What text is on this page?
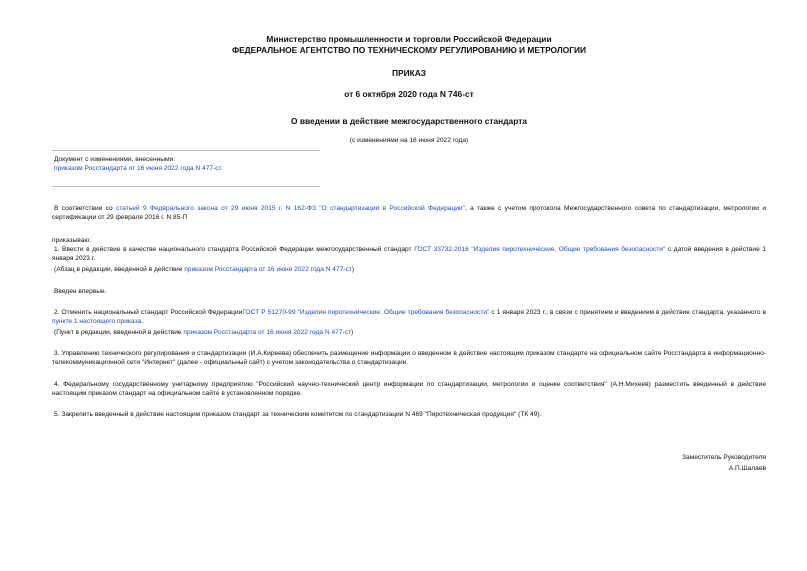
Министерство промышленности и торговли Российской Федерации
ФЕДЕРАЛЬНОЕ АГЕНТСТВО ПО ТЕХНИЧЕСКОМУ РЕГУЛИРОВАНИЮ И МЕТРОЛОГИИ
ПРИКАЗ
от 6 октября 2020 года N 746-ст
О введении в действие межгосударственного стандарта
(с изменениями на 16 июня 2022 года)
Документ с изменениями, внесенными:
приказом Росстандарта от 16 июня 2022 года N 477-ст.
В соответствии со статьей 9 Федерального закона от 29 июня 2015 г. N 162-ФЗ "О стандартизации в Российской Федерации", а также с учетом протокола Межгосударственного совета по стандартизации, метрологии и сертификации от 29 февраля 2016 г. N 85-П
приказываю:
1. Ввести в действие в качестве национального стандарта Российской Федерации межгосударственный стандарт ГОСТ 33732-2016 "Изделия пиротехнические. Общие требования безопасности" с датой введения в действие 1 января 2023 г.
(Абзац в редакции, введенной в действие приказом Росстандарта от 16 июня 2022 года N 477-ст)
Введен впервые.
2. Отменить национальный стандарт Российской ФедерацииГОСТ Р 51270-99 "Изделия пиротехнические. Общие требования безопасности" с 1 января 2023 г., в связи с принятием и введением в действие стандарта, указанного в пункте 1 настоящего приказа.
(Пункт в редакции, введенной в действие приказом Росстандарта от 16 июня 2022 года N 477-ст)
3. Управлению технического регулирования и стандартизации (И.А.Киреева) обеспечить размещение информации о введенном в действие настоящим приказом стандарте на официальном сайте Росстандарта в информационно-телекоммуникационной сети "Интернет" (далее - официальный сайт) с учетом законодательства о стандартизации.
4. Федеральному государственному унитарному предприятию "Российский научно-технический центр информации по стандартизации, метрологии и оценке соответствия" (А.Н.Михеев) разместить введенный в действие настоящим приказом стандарт на официальном сайте в установленном порядке.
5. Закрепить введенный в действие настоящим приказом стандарт за техническим комитетом по стандартизации N 469 "Пиротехническая продукция" (ТК 49).
Заместитель Руководителя
А.П.Шалаев
